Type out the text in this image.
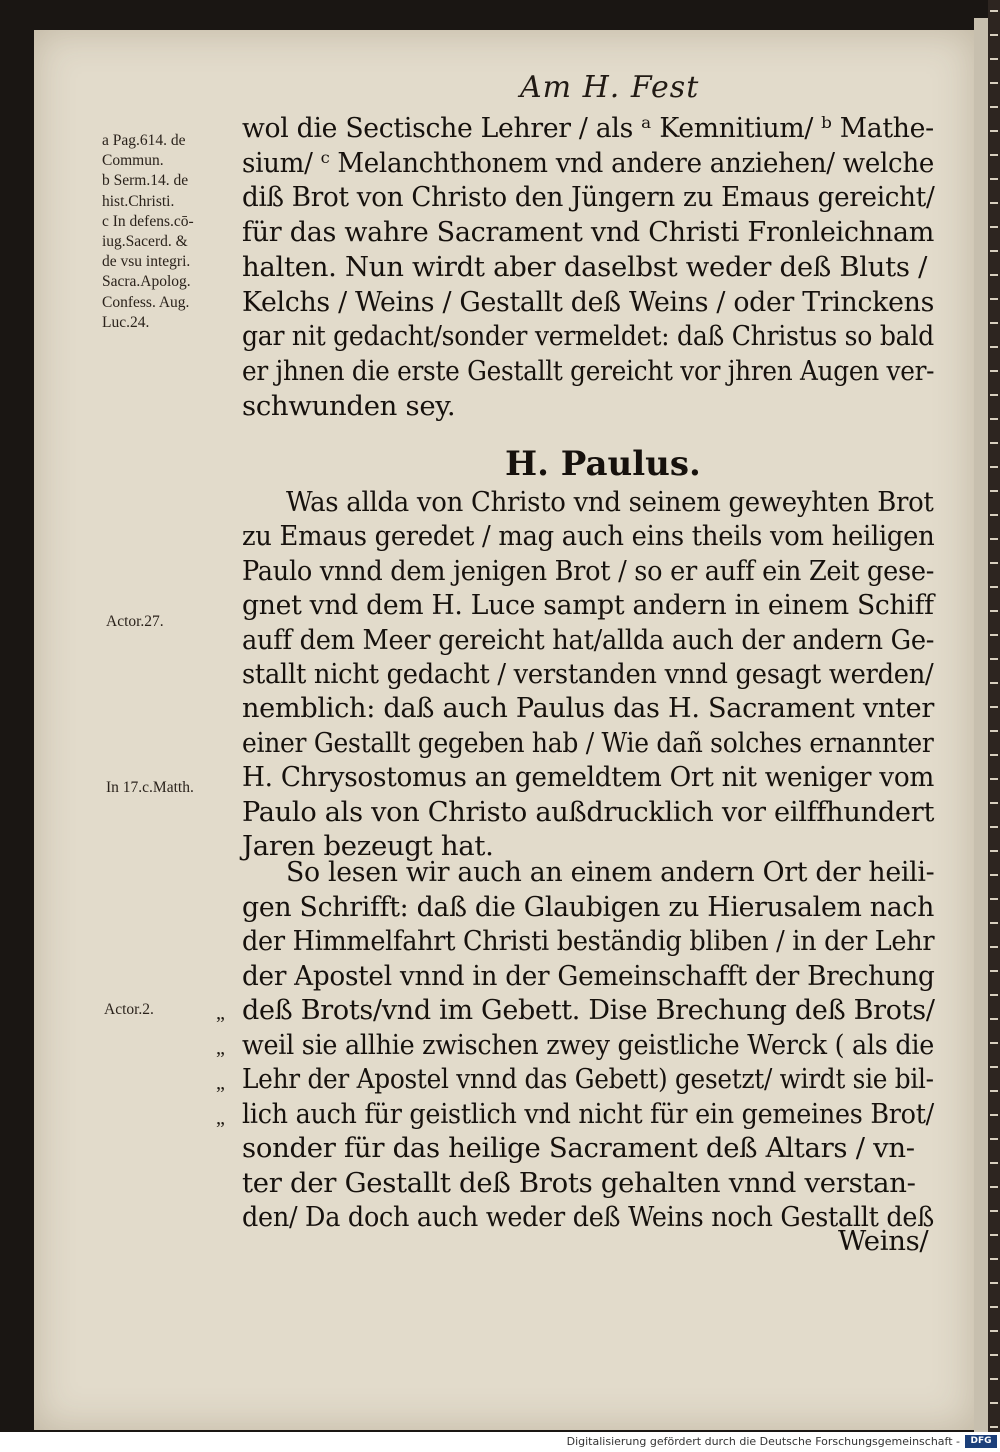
Am H. Fest
a Pag.614. de
Commun.
b Serm.14. de
hist.Christi.
c In defens.cō-
iug.Sacerd. &
de vsu integri.
Sacra.Apolog.
Confess. Aug.
Luc.24.
Actor.27.
In 17.c.Matth.
Actor.2.
wol die Sectische Lehrer / als ᵃ Kemnitium/ ᵇ Mathe-
sium/ ᶜ Melanchthonem vnd andere anziehen/ welche
diß Brot von Christo den Jüngern zu Emaus gereicht/
für das wahre Sacrament vnd Christi Fronleichnam
halten. Nun wirdt aber daselbst weder deß Bluts /
Kelchs / Weins / Gestallt deß Weins / oder Trinckens
gar nit gedacht/sonder vermeldet: daß Christus so bald
er jhnen die erste Gestallt gereicht vor jhren Augen ver-
schwunden sey.
H. Paulus.
Was allda von Christo vnd seinem geweyhten Brot
zu Emaus geredet / mag auch eins theils vom heiligen
Paulo vnnd dem jenigen Brot / so er auff ein Zeit gese-
gnet vnd dem H. Luce sampt andern in einem Schiff
auff dem Meer gereicht hat/allda auch der andern Ge-
stallt nicht gedacht / verstanden vnnd gesagt werden/
nemblich: daß auch Paulus das H. Sacrament vnter
einer Gestallt gegeben hab / Wie dañ solches ernannter
H. Chrysostomus an gemeldtem Ort nit weniger vom
Paulo als von Christo außdrucklich vor eilffhundert
Jaren bezeugt hat.
So lesen wir auch an einem andern Ort der heili-
gen Schrifft: daß die Glaubigen zu Hierusalem nach
der Himmelfahrt Christi beständig bliben / in der Lehr
der Apostel vnnd in der Gemeinschafft der Brechung
deß Brots/vnd im Gebett. Dise Brechung deß Brots/
weil sie allhie zwischen zwey geistliche Werck ( als die
Lehr der Apostel vnnd das Gebett) gesetzt/ wirdt sie bil-
lich auch für geistlich vnd nicht für ein gemeines Brot/
sonder für das heilige Sacrament deß Altars / vn-
ter der Gestallt deß Brots gehalten vnnd verstan-
den/ Da doch auch weder deß Weins noch Gestallt deß
„
„
„
„
Weins/
Digitalisierung gefördert durch die Deutsche Forschungsgemeinschaft -	DFG
